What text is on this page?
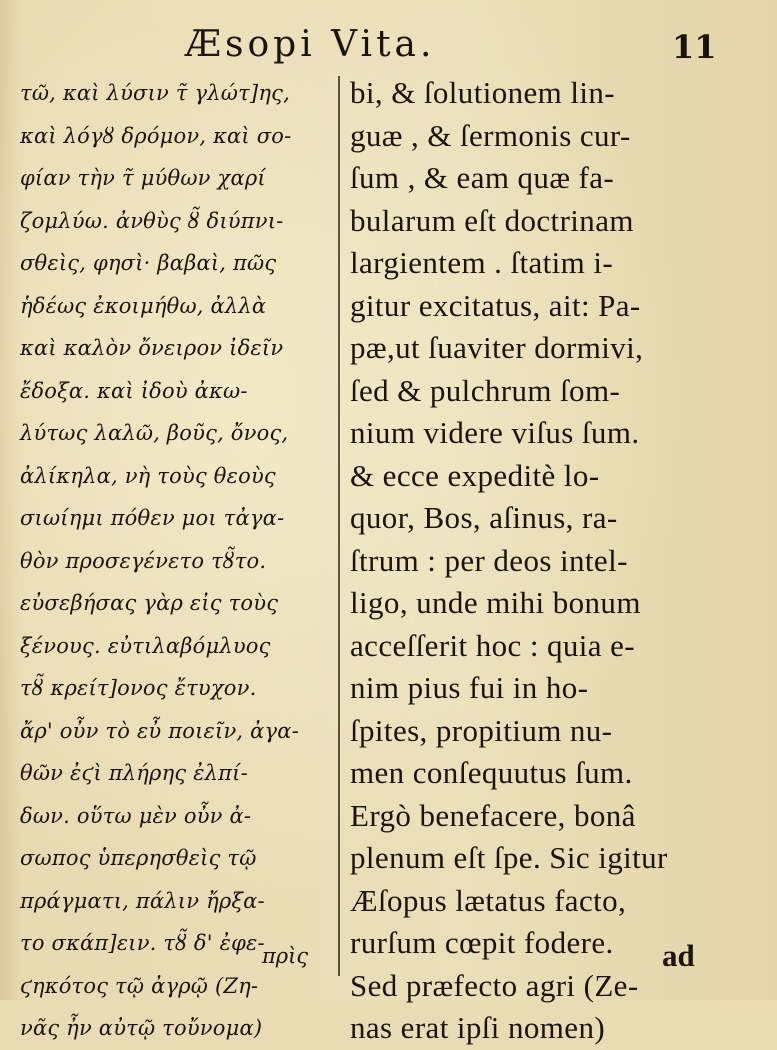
Æsopi Vita.	11
τῶ, καὶ λύσιν τ̃ γλώτ]ης,
καὶ λόγȣ δρόμον, καὶ σο-
φίαν τὴν τ̃ μύθων χαρί
ζομλύω. ἀνθὺς ȣ̃ διύπνι-
σθεὶς, φησὶ· βαβαὶ, πῶς
ἡδέως ἐκοιμήθω, ἀλλὰ
καὶ καλὸν ὄνειρον ἰδεῖν
ἔδοξα. καὶ ἰδοὺ ἀκω-
λύτως λαλῶ, βοῦς, ὄνος,
ἀλίκηλα, νὴ τοὺς θεοὺς
σιωίημι πόθεν μοι τἀγα-
θὸν προσεγένετο τȣ̃το.
εὐσεβήσας γὰρ εἰς τοὺς
ξένους. εὐτιλαβόμλυος
τȣ̃ κρείτ]ονος ἔτυχον.
ἄρ' οὖν τὸ εὖ ποιεῖν, ἀγα-
θῶν ἐϛὶ πλήρης ἐλπί-
δων. οὕτω μὲν οὖν ἀ-
σωπος ὑπερησθεὶς τῷ
πράγματι, πάλιν ἤρξα-
το σκάπ]ειν. τȣ̃ δ' ἐφε-
ϛηκότος τῷ ἀγρῷ (Ζη-
νᾶς ἦν αὐτῷ τοὔνομα)
πρὶς
bi, & ſolutionem lin-
guæ , & ſermonis cur-
ſum , & eam quæ fa-
bularum eſt doctrinam
largientem . ſtatim i-
gitur excitatus, ait: Pa-
pæ,ut ſuaviter dormivi,
ſed & pulchrum ſom-
nium videre viſus ſum.
& ecce expeditè lo-
quor, Bos, aſinus, ra-
ſtrum : per deos intel-
ligo, unde mihi bonum
acceſſerit hoc : quia e-
nim pius fui in ho-
ſpites, propitium nu-
men conſequutus ſum.
Ergò benefacere, bonâ
plenum eſt ſpe. Sic igitur
Æſopus lætatus facto,
rurſum cœpit fodere.
Sed præfecto agri (Ze-
nas erat ipſi nomen)
ad
